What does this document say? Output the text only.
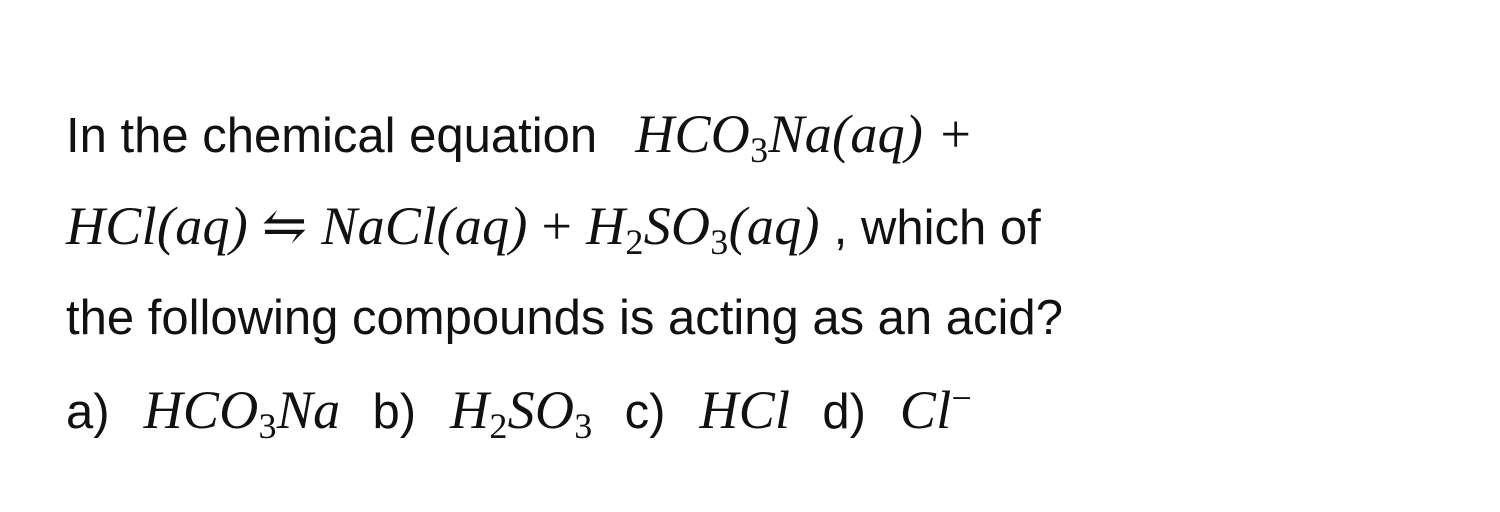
In the chemical equation $HCO_3Na(aq)$ +
HCl(aq) ⇋ NaCl(aq) + $H_2SO_3(aq)$ , which of
the following compounds is acting as an acid?
a) $HCO_3Na$ b) $H_2SO_3$ c) HCl d) Cl−
